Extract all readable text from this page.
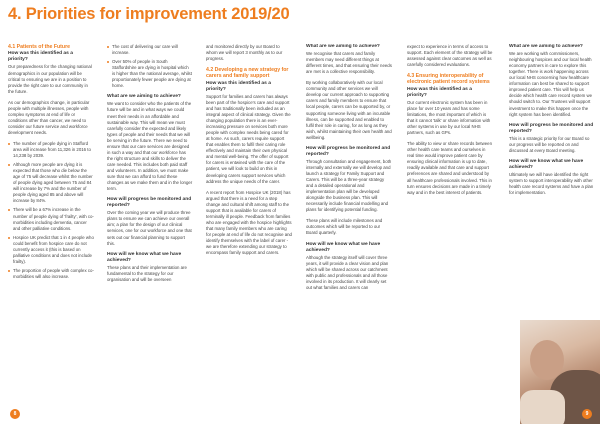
4. Priorities for improvement 2019/20
4.1 Patients of the Future
How was this identified as a priority?

Our preparedness for the changing national demographics in our population will be critical to ensuring we are in a position to provide the right care to our community in the future.

As our demographics change, in particular people with multiple illnesses, people with complex symptoms at end of life or conditions other than cancer, we need to consider our future service and workforce development needs.

The number of people dying in Stafford area will increase from 11,326 in 2016 to 14,238 by 2039.
Although more people are dying it is expected that those who die below the age of 75 will decrease whilst the number of people dying aged between 75 and 84 will increase by 7% and the number of people dying aged 85 and above will increase by 84%.
There will be a 67% increase in the number of people dying of 'frailty', with co-morbidities including dementia, cancer and other palliative conditions.
Hospice UK predict that 1 in 4 people who could benefit from hospice care do not currently access it (this is based on palliative conditions and does not include frailty).
The proportion of people with complex co-morbidities will also increase.
The cost of delivering our care will increase.
Over 50% of people in South Staffordshire are dying in hospital which is higher than the national average, whilst proportionately fewer people are dying at home.
What are we aiming to achieve?

We want to consider who the patients of the future will be and in what ways we could meet their needs in an affordable and sustainable way. This will mean we must carefully consider the expected and likely types of people and their needs that we will be serving in the future. There we need to ensure that our care services are designed in such a way and that our workforce has the right structure and skills to deliver the care needed. This includes both paid staff and volunteers. In addition, we must make sure that we can afford to fund these changes as we make them and in the longer term.

How will progress be monitored and reported?

Over the coming year we will produce three plans to ensure we can achieve our overall aim; a plan for the design of our clinical services, one for our workforce and one that sets out our financial planning to support this.

How will we know what we have achieved?

These plans and their implementation are fundamental to the strategy for our organisation and will be overseen

and monitored directly by our Board to whom we will report 3 monthly as to our progress.

4.2 Developing a new strategy for carers and family support
How was this identified as a priority?

Support for families and carers has always been part of the hospice's care and support and has traditionally been included as an integral aspect of clinical strategy. Given the changing population there is an ever-increasing pressure on services both more people with complex needs being cared for at home. As such, carers require support that enables them to fulfil their caring role effectively and maintain their own physical and mental well-being. The offer of support for carers is entwined with the care of the patient, we will look to build on this in developing carers support services which address the unique needs of the carer.

A recent report from Hospice UK (2018) has argued that there is a need for a step change and cultural shift among staff to the support that is available for carers of terminally ill people. Feedback from families who are engaged with the hospice highlights that many family members who are caring for people at end of life do not recognise and identify themselves with the label of carer - we are therefore extending our strategy to encompass family support and carers.

What are we aiming to achieve?

We recognise that carers and family members may need different things at different times, and that ensuring their needs are met is a collective responsibility.

By working collaboratively with our local community and other services we will develop our current approach to supporting carers and family members to ensure that local people, carers can be supported by, or supporting someone living with an incurable illness, can be supported and enabled to fulfil their role in caring, for as long as they wish, whilst maintaining their own health and wellbeing.

How will progress be monitored and reported?

Through consultation and engagement, both internally and externally we will develop and launch a strategy for Family Support and Carers. This will be a three-year strategy and a detailed operational and implementation plan will be developed alongside the business plan. This will necessarily include financial modelling and plans for identifying potential funding.

These plans will include milestones and outcomes which will be reported to our Board quarterly.

How will we know what we have achieved?

Although the strategy itself will cover three years, it will provide a clear vision and plan which will be shared across our catchment with public and professionals and all those involved in its production. It will clearly set out what families and carers can

expect to experience in terms of access to support. Each element of the strategy will be assessed against clear outcomes as well as carefully considered evaluations.

4.3 Ensuring interoperability of electronic patient record systems
How was this identified as a priority?

Our current electronic system has been in place for over 10 years and has some limitations, the most important of which is that it cannot 'talk' or share information with other systems in use by our local NHS partners, such as GPs.

The ability to view or share records between other health care teams and ourselves in real time would improve patient care by ensuring clinical information is up to date, readily available and that care and support preferences are shared and understood by all healthcare professionals involved. This in turn ensures decisions are made in a timely way and in the best interest of patients.

What are we aiming to achieve?

We are working with commissioners, neighbouring hospices and our local health economy partners in care to explore this together. There is work happening across our local NHS concerning how healthcare information can best be shared to support improved patient care. This will help us decide which health care record system we should switch to. Our Trustees will support investment to make this happen once the right system has been identified.

How will progress be monitored and reported?

This is a strategic priority for our Board so our progress will be reported on and discussed at every Board meeting.

How will we know what we have achieved?

Ultimately we will have identified the right system to support interoperability with other health care record systems and have a plan for implementation.

8	9
